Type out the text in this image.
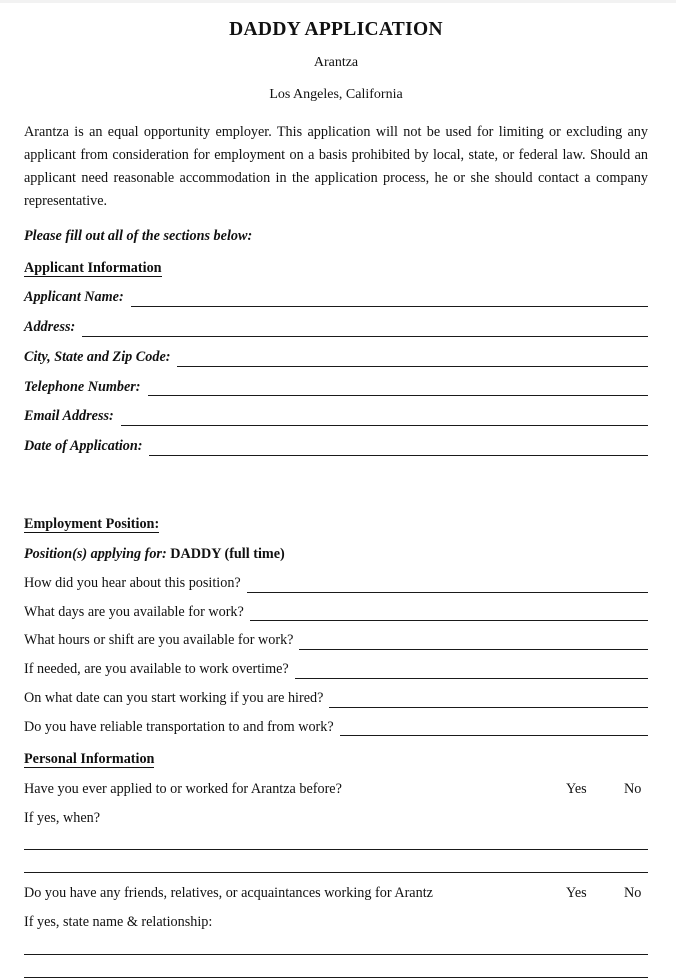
DADDY APPLICATION
Arantza
Los Angeles, California

Arantza is an equal opportunity employer. This application will not be used for limiting or excluding any applicant from consideration for employment on a basis prohibited by local, state, or federal law. Should an applicant need reasonable accommodation in the application process, he or she should contact a company representative.

Please fill out all of the sections below:
Applicant Information
Applicant Name:
Address:
City, State and Zip Code:
Telephone Number:
Email Address:
Date of Application:
Employment Position:
Position(s) applying for: DADDY (full time)
How did you hear about this position?
What days are you available for work?
What hours or shift are you available for work?
If needed, are you available to work overtime?
On what date can you start working if you are hired?
Do you have reliable transportation to and from work?
Personal Information
Have you ever applied to or worked for Arantza before?	Yes	No
If yes, when?
Do you have any friends, relatives, or acquaintances working for Arantz	Yes	No
If yes, state name & relationship:
